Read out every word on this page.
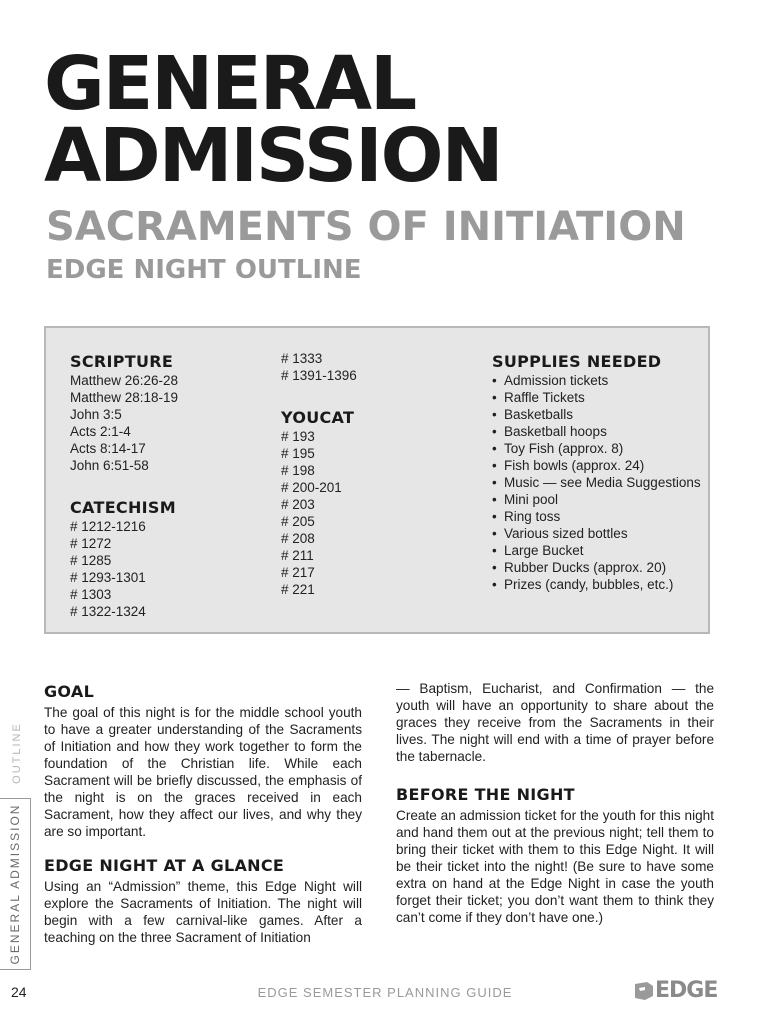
GENERAL
ADMISSION
SACRAMENTS OF INITIATION
EDGE NIGHT OUTLINE
SCRIPTURE
Matthew 26:26-28
Matthew 28:18-19
John 3:5
Acts 2:1-4
Acts 8:14-17
John 6:51-58
CATECHISM
# 1212-1216
# 1272
# 1285
# 1293-1301
# 1303
# 1322-1324
# 1333
# 1391-1396
YOUCAT
# 193
# 195
# 198
# 200-201
# 203
# 205
# 208
# 211
# 217
# 221
SUPPLIES NEEDED
• Admission tickets
• Raffle Tickets
• Basketballs
• Basketball hoops
• Toy Fish (approx. 8)
• Fish bowls (approx. 24)
• Music — see Media Suggestions
• Mini pool
• Ring toss
• Various sized bottles
• Large Bucket
• Rubber Ducks (approx. 20)
• Prizes (candy, bubbles, etc.)
OUTLINE
GENERAL ADMISSION
GOAL

The goal of this night is for the middle school youth to have a greater understanding of the Sacraments of Initiation and how they work together to form the foundation of the Christian life. While each Sacrament will be briefly discussed, the emphasis of the night is on the graces received in each Sacrament, how they affect our lives, and why they are so important.

EDGE NIGHT AT A GLANCE

Using an “Admission” theme, this Edge Night will explore the Sacraments of Initiation. The night will begin with a few carnival-like games. After a teaching on the three Sacrament of Initiation

— Baptism, Eucharist, and Confirmation — the youth will have an opportunity to share about the graces they receive from the Sacraments in their lives. The night will end with a time of prayer before the tabernacle.

BEFORE THE NIGHT

Create an admission ticket for the youth for this night and hand them out at the previous night; tell them to bring their ticket with them to this Edge Night. It will be their ticket into the night! (Be sure to have some extra on hand at the Edge Night in case the youth forget their ticket; you don’t want them to think they can’t come if they don’t have one.)

24	EDGE SEMESTER PLANNING GUIDE	EDGE
